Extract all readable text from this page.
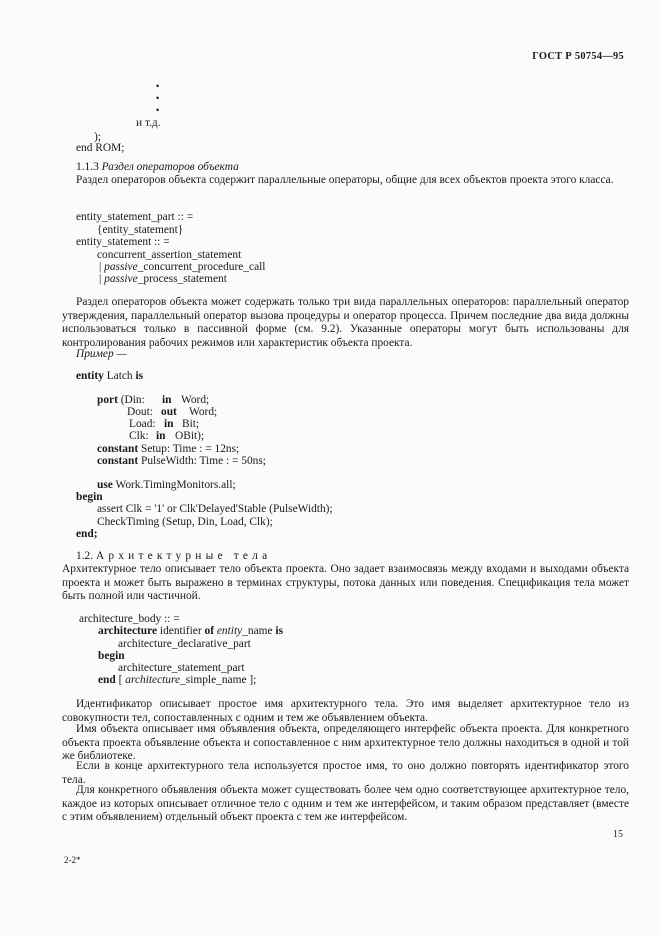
ГОСТ Р 50754—95
•
•
•
и т.д.
);
end ROM;
1.1.3 Раздел операторов объекта
Раздел операторов объекта содержит параллельные операторы, общие для всех объектов проекта этого класса.
entity_statement_part :: =
{entity_statement}
entity_statement :: =
concurrent_assertion_statement
| passive_concurrent_procedure_call
| passive_process_statement
Раздел операторов объекта может содержать только три вида параллельных операторов: параллельный оператор утверждения, параллельный оператор вызова процедуры и оператор процесса. Причем последние два вида должны использоваться только в пассивной форме (см. 9.2). Указанные операторы могут быть использованы для контролирования рабочих режимов или характеристик объекта проекта.
Пример —
entity Latch is
port (Din: in Word;
Dout: out Word;
Load: in Bit;
Clk: in OBit);
constant Setup: Time : = 12ns;
constant PulseWidth: Time : = 50ns;
use Work.TimingMonitors.all;
begin
assert Clk = '1' or Clk'Delayed'Stable (PulseWidth);
CheckTiming (Setup, Din, Load, Clk);
end;
1.2. Архитектурные тела
Архитектурное тело описывает тело объекта проекта. Оно задает взаимосвязь между входами и выходами объекта проекта и может быть выражено в терминах структуры, потока данных или поведения. Спецификация тела может быть полной или частичной.
architecture_body :: =
architecture identifier of entity_name is
architecture_declarative_part
begin
architecture_statement_part
end [ architecture_simple_name ];
Идентификатор описывает простое имя архитектурного тела. Это имя выделяет архитектурное тело из совокупности тел, сопоставленных с одним и тем же объявлением объекта.
Имя объекта описывает имя объявления объекта, определяющего интерфейс объекта проекта. Для конкретного объекта проекта объявление объекта и сопоставленное с ним архитектурное тело должны находиться в одной и той же библиотеке.
Если в конце архитектурного тела используется простое имя, то оно должно повторять идентификатор этого тела.
Для конкретного объявления объекта может существовать более чем одно соответствующее архитектурное тело, каждое из которых описывает отличное тело с одним и тем же интерфейсом, и таким образом представляет (вместе с этим объявлением) отдельный объект проекта с тем же интерфейсом.
15
2-2*
